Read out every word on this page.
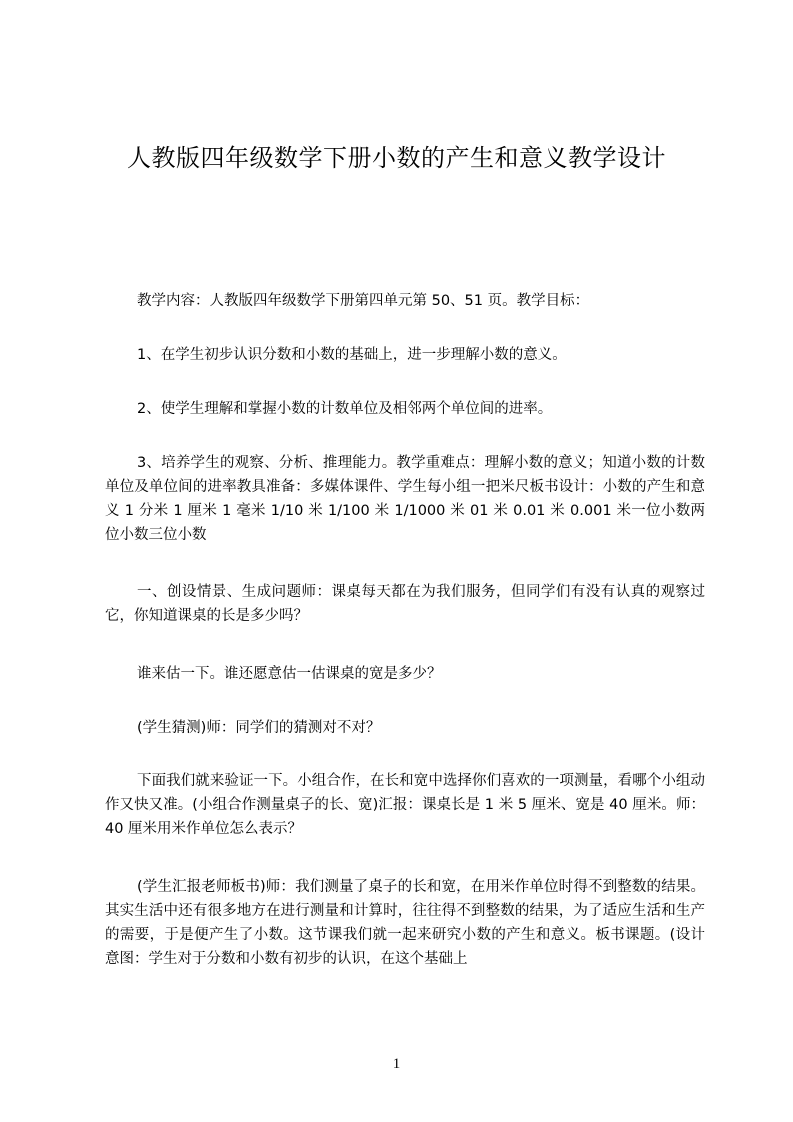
人教版四年级数学下册小数的产生和意义教学设计
教学内容：人教版四年级数学下册第四单元第 50、51 页。教学目标：
1、在学生初步认识分数和小数的基础上，进一步理解小数的意义。
2、使学生理解和掌握小数的计数单位及相邻两个单位间的进率。
3、培养学生的观察、分析、推理能力。教学重难点：理解小数的意义；知道小数的计数单位及单位间的进率教具准备：多媒体课件、学生每小组一把米尺板书设计：小数的产生和意义 1 分米 1 厘米 1 毫米 1/10 米 1/100 米 1/1000 米 01 米 0.01 米 0.001 米一位小数两位小数三位小数
一、创设情景、生成问题师：课桌每天都在为我们服务，但同学们有没有认真的观察过它，你知道课桌的长是多少吗？
谁来估一下。谁还愿意估一估课桌的宽是多少？
(学生猜测)师：同学们的猜测对不对？
下面我们就来验证一下。小组合作，在长和宽中选择你们喜欢的一项测量，看哪个小组动作又快又准。(小组合作测量桌子的长、宽)汇报：课桌长是 1 米 5 厘米、宽是 40 厘米。师：40 厘米用米作单位怎么表示？
(学生汇报老师板书)师：我们测量了桌子的长和宽，在用米作单位时得不到整数的结果。其实生活中还有很多地方在进行测量和计算时，往往得不到整数的结果，为了适应生活和生产的需要，于是便产生了小数。这节课我们就一起来研究小数的产生和意义。板书课题。(设计意图：学生对于分数和小数有初步的认识，在这个基础上
1
